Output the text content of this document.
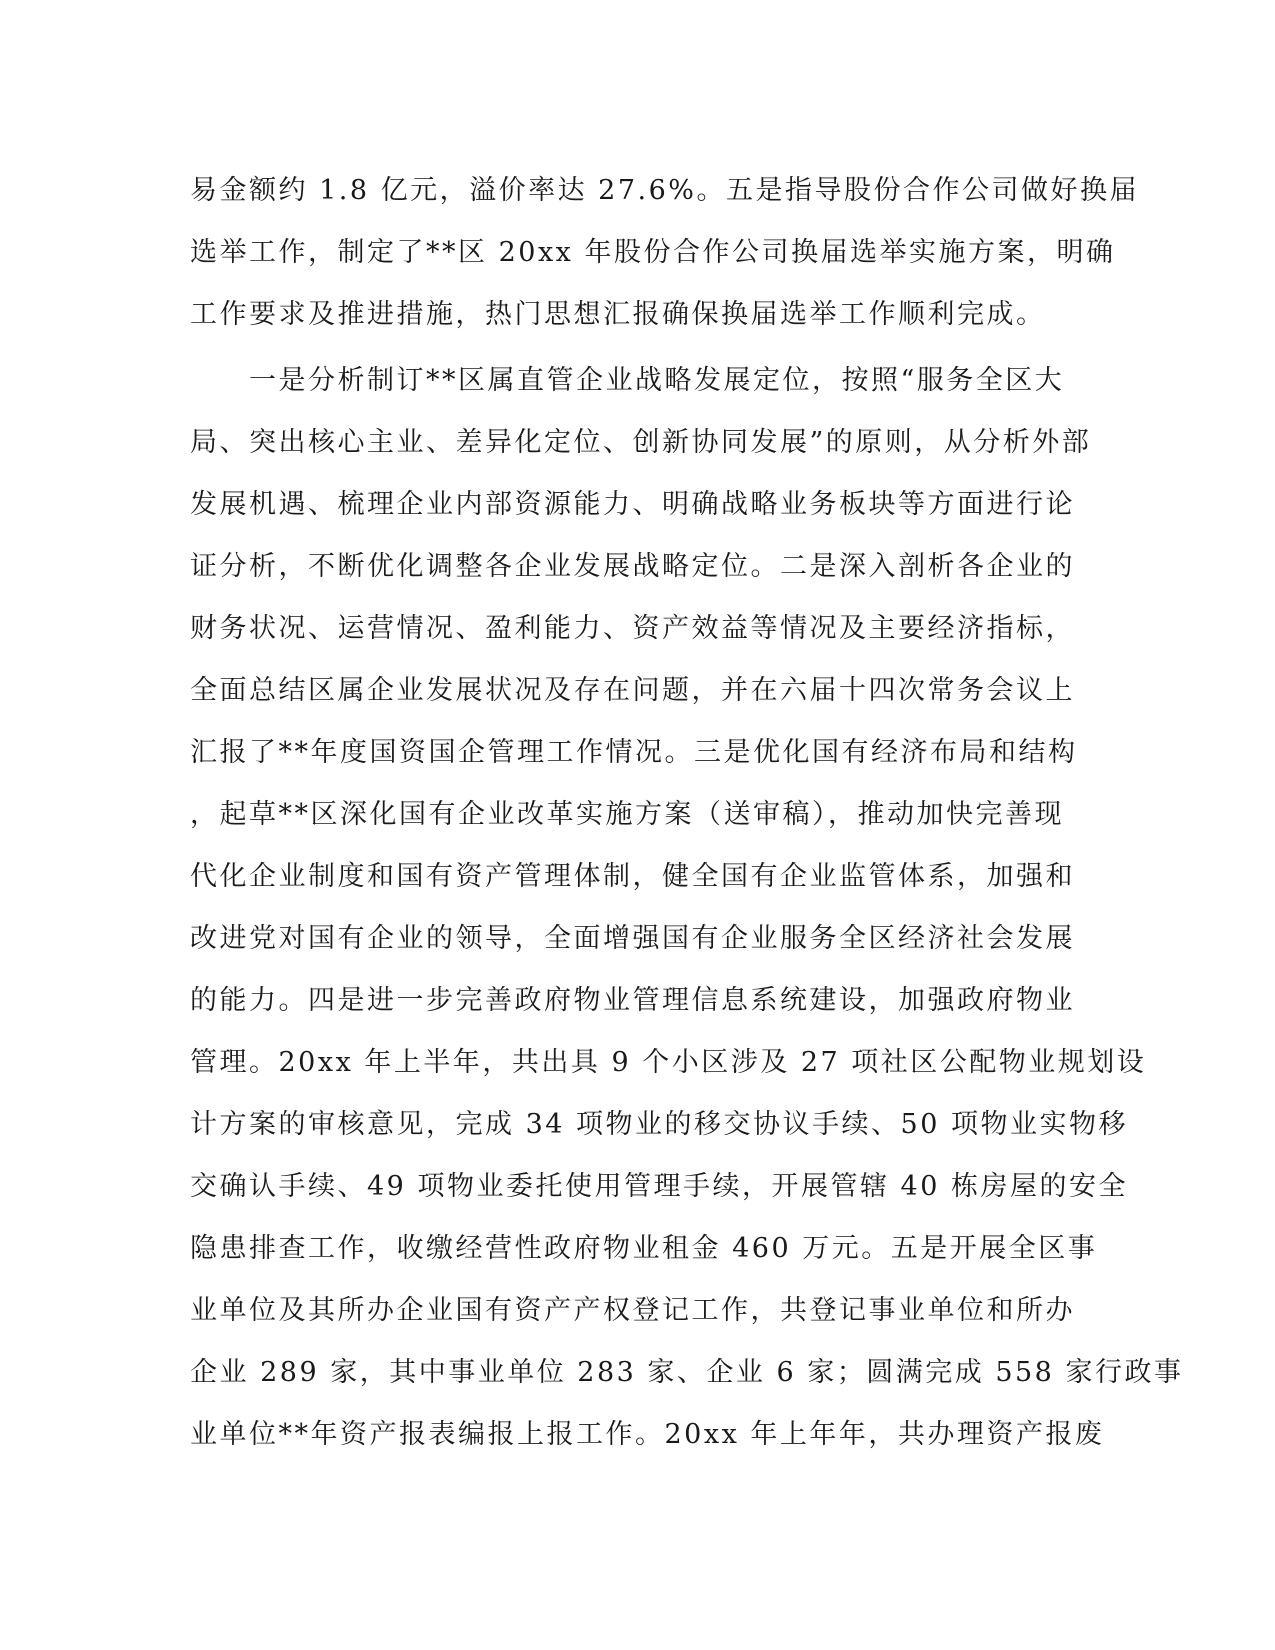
易金额约 1.8 亿元，溢价率达 27.6%。五是指导股份合作公司做好换届
选举工作，制定了**区 20xx 年股份合作公司换届选举实施方案，明确
工作要求及推进措施，热门思想汇报确保换届选举工作顺利完成。
　　一是分析制订**区属直管企业战略发展定位，按照“服务全区大
局、突出核心主业、差异化定位、创新协同发展”的原则，从分析外部
发展机遇、梳理企业内部资源能力、明确战略业务板块等方面进行论
证分析，不断优化调整各企业发展战略定位。二是深入剖析各企业的
财务状况、运营情况、盈利能力、资产效益等情况及主要经济指标，
全面总结区属企业发展状况及存在问题，并在六届十四次常务会议上
汇报了**年度国资国企管理工作情况。三是优化国有经济布局和结构
，起草**区深化国有企业改革实施方案（送审稿），推动加快完善现
代化企业制度和国有资产管理体制，健全国有企业监管体系，加强和
改进党对国有企业的领导，全面增强国有企业服务全区经济社会发展
的能力。四是进一步完善政府物业管理信息系统建设，加强政府物业
管理。20xx 年上半年，共出具 9 个小区涉及 27 项社区公配物业规划设
计方案的审核意见，完成 34 项物业的移交协议手续、50 项物业实物移
交确认手续、49 项物业委托使用管理手续，开展管辖 40 栋房屋的安全
隐患排查工作，收缴经营性政府物业租金 460 万元。五是开展全区事
业单位及其所办企业国有资产产权登记工作，共登记事业单位和所办
企业 289 家，其中事业单位 283 家、企业 6 家；圆满完成 558 家行政事
业单位**年资产报表编报上报工作。20xx 年上年年，共办理资产报废
